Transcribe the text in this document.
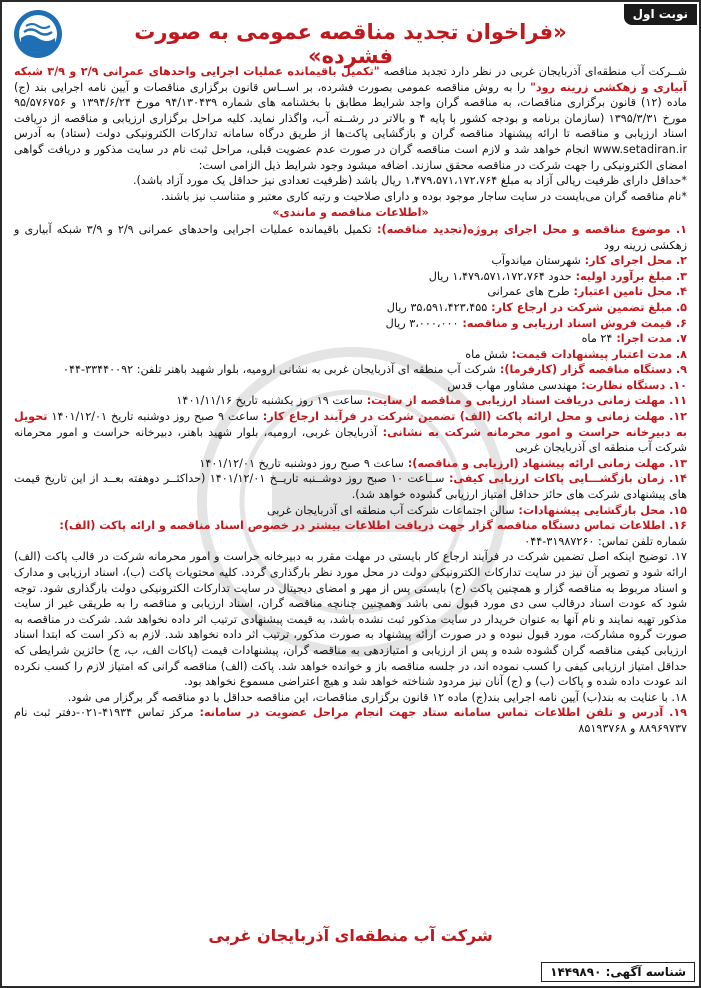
نوبت اول
«فراخوان تجدید مناقصه عمومی به صورت فشرده»

شــرکت آب منطقه‌ای آذربایجان غربی در نظر دارد تجدید مناقصه "تکمیل باقیمانده عملیات اجرایی واحدهای عمرانی ۲/۹ و ۳/۹ شبکه آبیاری و زهکشی زرینه رود" را به روش مناقصه عمومی بصورت فشرده، بر اســاس قانون برگزاری مناقصات و آیین نامه اجرایی بند (ج) ماده (۱۲) قانون برگزاری مناقصات، به مناقصه گران واجد شرایط مطابق با بخشنامه های شماره ۹۴/۱۳۰۴۳۹ مورخ ۱۳۹۴/۶/۲۴ و ۹۵/۵۷۶۷۵۶ مورخ ۱۳۹۵/۳/۳۱ (سازمان برنامه و بودجه کشور با پایه ۴ و بالاتر در رشــته آب، واگذار نماید. کلیه مراحل برگزاری ارزیابی و مناقصه از دریافت اسناد ارزیابی و مناقصه تا ارائه پیشنهاد مناقصه گران و بازگشایی پاکت‌ها از طریق درگاه سامانه تدارکات الکترونیکی دولت (ستاد) به آدرس www.setadiran.ir انجام خواهد شد و لازم است مناقصه گران در صورت عدم عضویت قبلی، مراحل ثبت نام در سایت مذکور و دریافت گواهی امضای الکترونیکی را جهت شرکت در مناقصه محقق سازند. اضافه میشود وجود شرایط ذیل الزامی است:

*حداقل دارای ظرفیت ریالی آزاد به مبلغ ۱،۴۷۹،۵۷۱،۱۷۲،۷۶۴ ریال باشد (ظرفیت تعدادی نیز حداقل یک مورد آزاد باشد).

*نام مناقصه گران می‌بایست در سایت ساجار موجود بوده و دارای صلاحیت و رتبه کاری معتبر و متناسب نیز باشند.

«اطلاعات مناقصه و مانندی»

۱. موضوع مناقصه و محل اجرای پروژه(تجدید مناقصه): تکمیل باقیمانده عملیات اجرایی واحدهای عمرانی ۲/۹ و ۳/۹ شبکه آبیاری و زهکشی زرینه رود

۲. محل اجرای کار: شهرستان میاندوآب

۳. مبلغ برآورد اولیه: حدود ۱،۴۷۹،۵۷۱،۱۷۲،۷۶۴ ریال

۴. محل تامین اعتبار: طرح های عمرانی

۵. مبلغ تضمین شرکت در ارجاع کار: ۳۵،۵۹۱،۴۲۳،۴۵۵ ریال

۶. قیمت فروش اسناد ارزیابی و مناقصه: ۳،۰۰۰،۰۰۰ ریال

۷. مدت اجرا: ۲۴ ماه

۸. مدت اعتبار پیشنهادات قیمت: شش ماه

۹. دستگاه مناقصه گزار (کارفرما): شرکت آب منطقه ای آذربایجان غربی به نشانی ارومیه، بلوار شهید باهنر تلفن: ۳۳۴۴۰۰۹۲-۰۴۴

۱۰. دستگاه نظارت: مهندسی مشاور مهاب قدس

۱۱. مهلت زمانی دریافت اسناد ارزیابی و مناقصه از سایت: ساعت ۱۹ روز یکشنبه تاریخ ۱۴۰۱/۱۱/۱۶

۱۲. مهلت زمانی و محل ارائه پاکت (الف) تضمین شرکت در فرآیند ارجاع کار: ساعت ۹ صبح روز دوشنبه تاریخ ۱۴۰۱/۱۲/۰۱ تحویل به دبیرخانه حراست و امور محرمانه شرکت به نشانی: آذربایجان غربی، ارومیه، بلوار شهید باهنر، دبیرخانه حراست و امور محرمانه شرکت آب منطقه ای آذربایجان غربی

۱۳. مهلت زمانی ارائه پیشنهاد (ارزیابی و مناقصه): ساعت ۹ صبح روز دوشنبه تاریخ ۱۴۰۱/۱۲/۰۱

۱۴. زمان بازگشـــایی پاکات ارزیابی کیفی: ســاعت ۱۰ صبح روز دوشــنبه تاریــخ ۱۴۰۱/۱۲/۰۱ (حداکثــر دوهفته بعــد از این تاریخ قیمت های پیشنهادی شرکت های حائز حداقل امتیاز ارزیابی گشوده خواهد شد).

۱۵. محل بازگشایی پیشنهادات: سالن اجتماعات شرکت آب منطقه ای آذربایجان غربی

۱۶. اطلاعات تماس دستگاه مناقصه گزار جهت دریافت اطلاعات بیشتر در خصوص اسناد مناقصه و ارائه پاکت (الف):
شماره تلفن تماس: ۳۱۹۸۷۲۶۰-۰۴۴

۱۷. توضیح اینکه اصل تضمین شرکت در فرآیند ارجاع کار بایستی در مهلت مقرر به دبیرخانه حراست و امور محرمانه شرکت در قالب پاکت (الف) ارائه شود و تصویر آن نیز در سایت تدارکات الکترونیکی دولت در محل مورد نظر بارگذاری گردد. کلیه محتویات پاکت (ب)، اسناد ارزیابی و مدارک و اسناد مربوط به مناقصه گزار و همچنین پاکت (ج) بایستی پس از مهر و امضای دیجیتال در سایت تدارکات الکترونیکی دولت بارگذاری شود. توجه شود که عودت اسناد درقالب سی دی مورد قبول نمی باشد وهمچنین چنانچه مناقصه گران، اسناد ارزیابی و مناقصه را به طریقی غیر از سایت مذکور تهیه نمایند و نام آنها به عنوان خریدار در سایت مذکور ثبت نشده باشد، به قیمت پیشنهادی ترتیب اثر داده نخواهد شد. شرکت در مناقصه به صورت گروه مشارکت، مورد قبول نبوده و در صورت ارائه پیشنهاد به صورت مذکور، ترتیب اثر داده نخواهد شد. لازم به ذکر است که ابتدا اسناد ارزیابی کیفی مناقصه گران گشوده شده و پس از ارزیابی و امتیازدهی به مناقصه گران، پیشنهادات قیمت (پاکات الف، ب، ج) حائزین شرایطی که حداقل امتیاز ارزیابی کیفی را کسب نموده اند، در جلسه مناقصه باز و خوانده خواهد شد. پاکت (الف) مناقصه گرانی که امتیاز لازم را کسب نکرده اند عودت داده شده و پاکات (ب) و (ج) آنان نیز مردود شناخته خواهد شد و هیچ اعتراضی مسموع نخواهد بود.

۱۸. با عنایت به بند(ب) آیین نامه اجرایی بند(ج) ماده ۱۲ قانون برگزاری مناقصات، این مناقصه حداقل با دو مناقصه گر برگزار می شود.

۱۹. آدرس و تلفن اطلاعات تماس سامانه ستاد جهت انجام مراحل عضویت در سامانه: مرکز تماس ۴۱۹۳۴-۰۲۱-دفتر ثبت نام ۸۸۹۶۹۷۳۷ و ۸۵۱۹۳۷۶۸

شرکت آب منطقه‌ای آذربایجان غربی
شناسه آگهی: ۱۴۴۹۸۹۰
